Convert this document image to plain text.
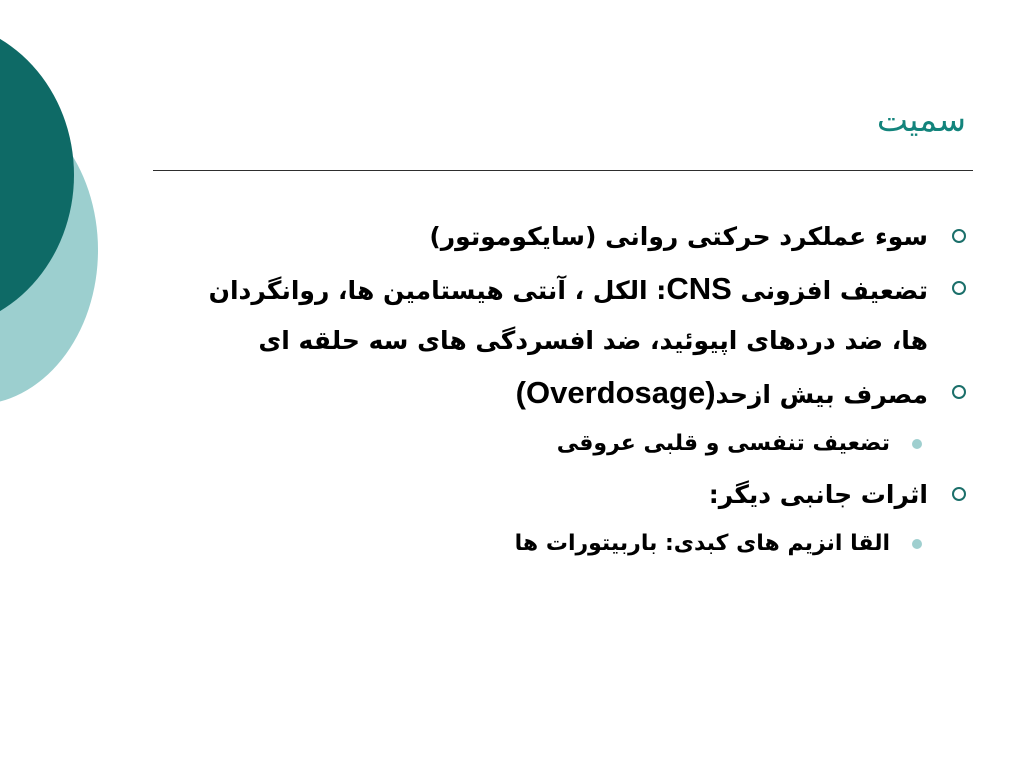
سمیت
سوء عملکرد حرکتی روانی (سایکوموتور)
تضعیف افزونی CNS: الکل ، آنتی هیستامین ها، روانگردان ها، ضد دردهای اپیوئید، ضد افسردگی های سه حلقه ای
مصرف بیش ازحد(Overdosage)
تضعیف تنفسی و قلبی عروقی
اثرات جانبی دیگر:
القا انزیم های کبدی: باربیتورات ها
